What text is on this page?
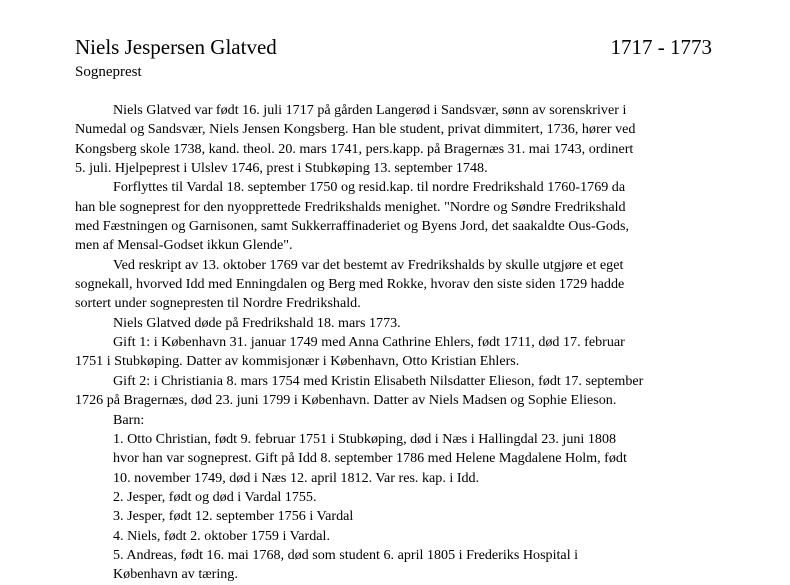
Niels Jespersen Glatved	1717 - 1773
Sogneprest
Niels Glatved var født 16. juli 1717 på gården Langerød i Sandsvær, sønn av sorenskriver i
Numedal og Sandsvær, Niels Jensen Kongsberg. Han ble student, privat dimmitert, 1736, hører ved
Kongsberg skole 1738, kand. theol. 20. mars 1741, pers.kapp. på Bragernæs 31. mai 1743, ordinert
5. juli. Hjelpeprest i Ulslev 1746, prest i Stubkøping 13. september 1748.
Forflyttes til Vardal 18. september 1750 og resid.kap. til nordre Fredrikshald 1760-1769 da
han ble sogneprest for den nyopprettede Fredrikshalds menighet. "Nordre og Søndre Fredrikshald
med Fæstningen og Garnisonen, samt Sukkerraffinaderiet og Byens Jord, det saakaldte Ous-Gods,
men af Mensal-Godset ikkun Glende".
Ved reskript av 13. oktober 1769 var det bestemt av Fredrikshalds by skulle utgjøre et eget
sognekall, hvorved Idd med Enningdalen og Berg med Rokke, hvorav den siste siden 1729 hadde
sortert under sognepresten til Nordre Fredrikshald.
Niels Glatved døde på Fredrikshald 18. mars 1773.
Gift 1: i København 31. januar 1749 med Anna Cathrine Ehlers, født 1711, død 17. februar
1751 i Stubkøping. Datter av kommisjonær i København, Otto Kristian Ehlers.
Gift 2: i Christiania 8. mars 1754 med Kristin Elisabeth Nilsdatter Elieson, født 17. september
1726 på Bragernæs, død 23. juni 1799 i København. Datter av Niels Madsen og Sophie Elieson.
Barn:
1. Otto Christian, født 9. februar 1751 i Stubkøping, død i Næs i Hallingdal 23. juni 1808
hvor han var sogneprest. Gift på Idd 8. september 1786 med Helene Magdalene Holm, født
10. november 1749, død i Næs 12. april 1812. Var res. kap. i Idd.
2. Jesper, født og død i Vardal 1755.
3. Jesper, født 12. september 1756 i Vardal
4. Niels, født 2. oktober 1759 i Vardal.
5. Andreas, født 16. mai 1768, død som student 6. april 1805 i Frederiks Hospital i
København av tæring.
